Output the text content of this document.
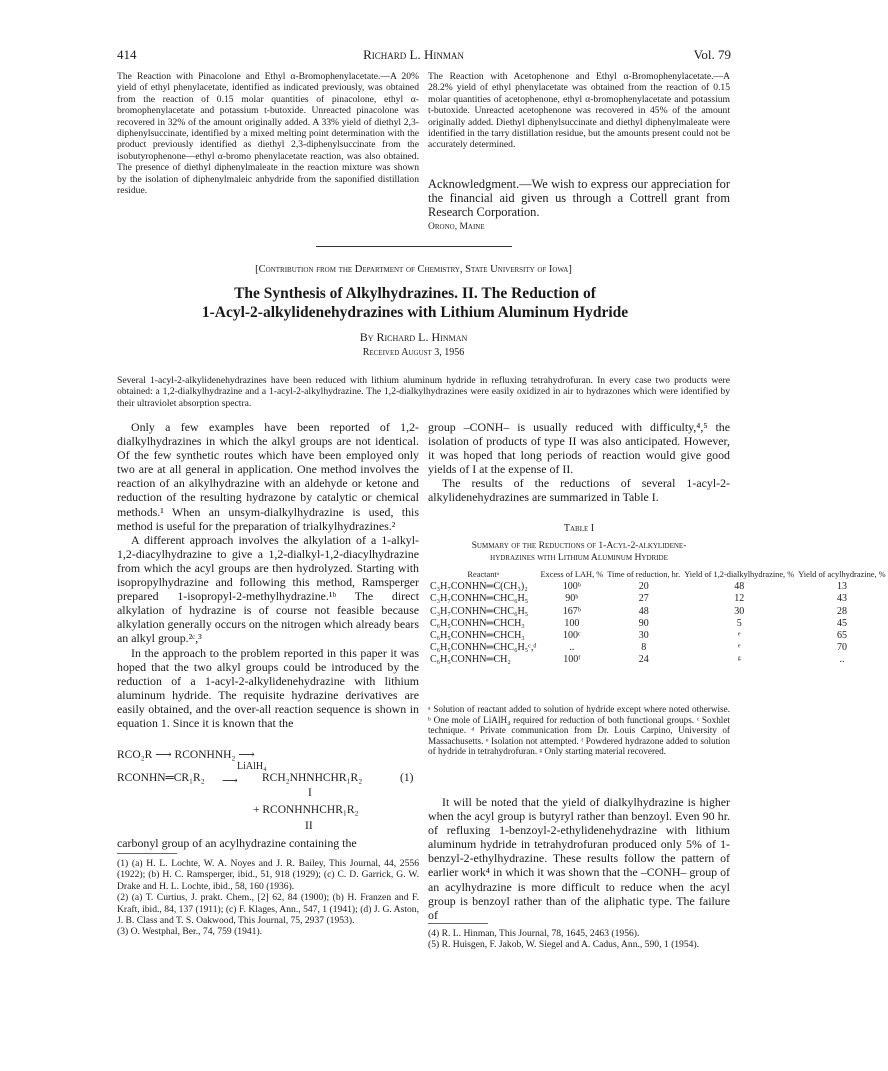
414	Richard L. Hinman	Vol. 79

The Reaction with Pinacolone and Ethyl α-Bromophenylacetate.—A 20% yield of ethyl phenylacetate, identified as indicated previously, was obtained from the reaction of 0.15 molar quantities of pinacolone, ethyl α-bromophenylacetate and potassium t-butoxide. Unreacted pinacolone was recovered in 32% of the amount originally added. A 33% yield of diethyl 2,3-diphenylsuccinate, identified by a mixed melting point determination with the product previously identified as diethyl 2,3-diphenylsuccinate from the isobutyrophenone—ethyl α-bromo phenylacetate reaction, was also obtained. The presence of diethyl diphenylmaleate in the reaction mixture was shown by the isolation of diphenylmaleic anhydride from the saponified distillation residue.

The Reaction with Acetophenone and Ethyl α-Bromophenylacetate.—A 28.2% yield of ethyl phenylacetate was obtained from the reaction of 0.15 molar quantities of acetophenone, ethyl α-bromophenylacetate and potassium t-butoxide. Unreacted acetophenone was recovered in 45% of the amount originally added. Diethyl diphenylsuccinate and diethyl diphenylmaleate were identified in the tarry distillation residue, but the amounts present could not be accurately determined.

Acknowledgment.—We wish to express our appreciation for the financial aid given us through a Cottrell grant from Research Corporation.

Orono, Maine
[Contribution from the Department of Chemistry, State University of Iowa]
The Synthesis of Alkylhydrazines. II. The Reduction of
1-Acyl-2-alkylidenehydrazines with Lithium Aluminum Hydride
By Richard L. Hinman
Received August 3, 1956

Several 1-acyl-2-alkylidenehydrazines have been reduced with lithium aluminum hydride in refluxing tetrahydrofuran. In every case two products were obtained: a 1,2-dialkylhydrazine and a 1-acyl-2-alkylhydrazine. The 1,2-dialkylhydrazines were easily oxidized in air to hydrazones which were identified by their ultraviolet absorption spectra.

Only a few examples have been reported of 1,2-dialkylhydrazines in which the alkyl groups are not identical. Of the few synthetic routes which have been employed only two are at all general in application. One method involves the reaction of an alkylhydrazine with an aldehyde or ketone and reduction of the resulting hydrazone by catalytic or chemical methods.¹ When an unsym-dialkylhydrazine is used, this method is useful for the preparation of trialkylhydrazines.²

A different approach involves the alkylation of a 1-alkyl-1,2-diacylhydrazine to give a 1,2-dialkyl-1,2-diacylhydrazine from which the acyl groups are then hydrolyzed. Starting with isopropylhydrazine and following this method, Ramsperger prepared 1-isopropyl-2-methylhydrazine.¹ᵇ The direct alkylation of hydrazine is of course not feasible because alkylation generally occurs on the nitrogen which already bears an alkyl group.²ᶜ,³

In the approach to the problem reported in this paper it was hoped that the two alkyl groups could be introduced by the reduction of a 1-acyl-2-alkylidenehydrazine with lithium aluminum hydride. The requisite hydrazine derivatives are easily obtained, and the over-all reaction sequence is shown in equation 1. Since it is known that the

RCO₂R ⟶ RCONHNH₂ ⟶
LiAlH₄
RCONHN═CR₁R₂ ⟶ RCH₂NHNHCHR₁R₂	(1)
I
+ RCONHNHCHR₁R₂
II

carbonyl group of an acylhydrazine containing the

(1) (a) H. L. Lochte, W. A. Noyes and J. R. Bailey, This Journal, 44, 2556 (1922); (b) H. C. Ramsperger, ibid., 51, 918 (1929); (c) C. D. Garrick, G. W. Drake and H. L. Lochte, ibid., 58, 160 (1936).

(2) (a) T. Curtius, J. prakt. Chem., [2] 62, 84 (1900); (b) H. Franzen and F. Kraft, ibid., 84, 137 (1911); (c) F. Klages, Ann., 547, 1 (1941); (d) J. G. Aston, J. B. Class and T. S. Oakwood, This Journal, 75, 2937 (1953).

(3) O. Westphal, Ber., 74, 759 (1941).

group –CONH– is usually reduced with difficulty,⁴,⁵ the isolation of products of type II was also anticipated. However, it was hoped that long periods of reaction would give good yields of I at the expense of II.

The results of the reductions of several 1-acyl-2-alkylidenehydrazines are summarized in Table I.

Table I
Summary of the Reductions of 1-Acyl-2-alkylidene-
hydrazines with Lithium Aluminum Hydride
Reactantᵃ	Excess of LAH, %	Time of reduction, hr.	Yield of 1,2-dialkylhydrazine, %	Yield of acylhydrazine, %
C₃H₇CONHN═C(CH₃)₂	100ᵇ	20	48	13
C₃H₇CONHN═CHC₆H₅	90ᵇ	27	12	43
C₃H₇CONHN═CHC₆H₅	167ᵇ	48	30	28
C₆H₅CONHN═CHCH₃	100	90	5	45
C₆H₅CONHN═CHCH₃	100ᶜ	30	ᵉ	65
C₆H₅CONHN═CHC₆H₅ᶜ,ᵈ	..	8	ᵉ	70
C₆H₅CONHN═CH₂	100ᶠ	24	ᵍ	..

ᵃ Solution of reactant added to solution of hydride except where noted otherwise. ᵇ One mole of LiAlH₄ required for reduction of both functional groups. ᶜ Soxhlet technique. ᵈ Private communication from Dr. Louis Carpino, University of Massachusetts. ᵉ Isolation not attempted. ᶠ Powdered hydrazone added to solution of hydride in tetrahydrofuran. ᵍ Only starting material recovered.

It will be noted that the yield of dialkylhydrazine is higher when the acyl group is butyryl rather than benzoyl. Even 90 hr. of refluxing 1-benzoyl-2-ethylidenehydrazine with lithium aluminum hydride in tetrahydrofuran produced only 5% of 1-benzyl-2-ethylhydrazine. These results follow the pattern of earlier work⁴ in which it was shown that the –CONH– group of an acylhydrazine is more difficult to reduce when the acyl group is benzoyl rather than of the aliphatic type. The failure of

(4) R. L. Hinman, This Journal, 78, 1645, 2463 (1956).

(5) R. Huisgen, F. Jakob, W. Siegel and A. Cadus, Ann., 590, 1 (1954).
